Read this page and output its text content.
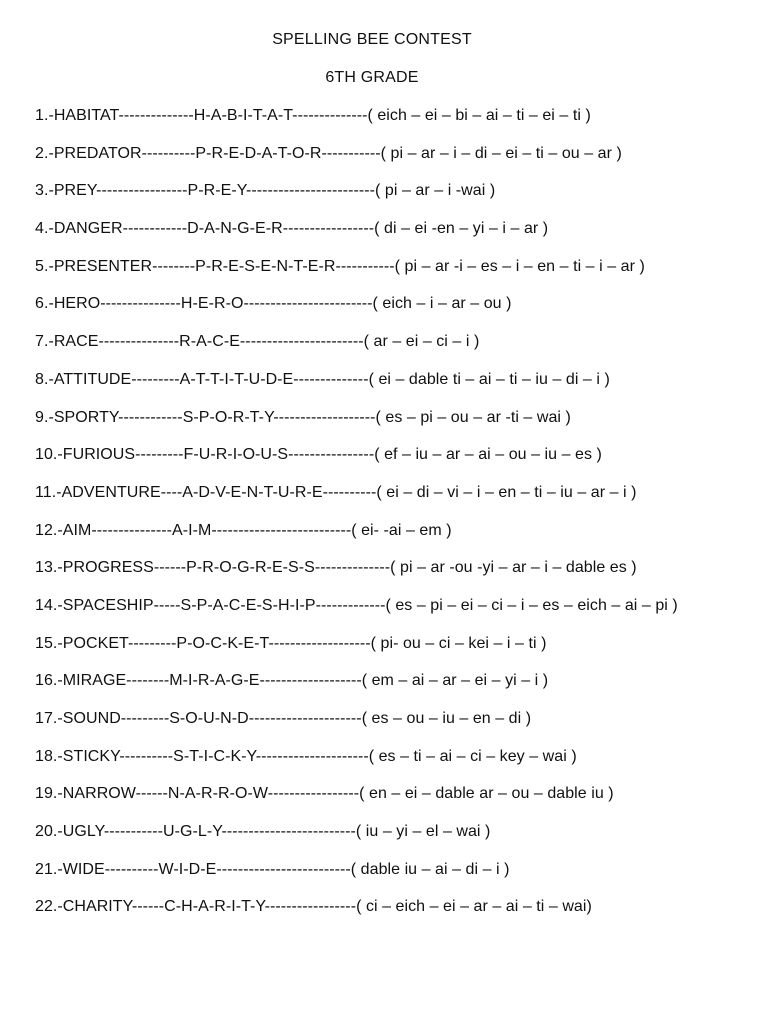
SPELLING BEE CONTEST
6TH GRADE
1.-HABITAT--------------H-A-B-I-T-A-T--------------( eich – ei – bi – ai – ti – ei – ti )
2.-PREDATOR----------P-R-E-D-A-T-O-R-----------( pi – ar – i – di – ei – ti – ou – ar )
3.-PREY-----------------P-R-E-Y------------------------( pi – ar – i -wai )
4.-DANGER------------D-A-N-G-E-R-----------------( di – ei -en – yi – i – ar )
5.-PRESENTER--------P-R-E-S-E-N-T-E-R-----------( pi – ar -i – es – i – en – ti – i – ar )
6.-HERO---------------H-E-R-O------------------------( eich – i – ar – ou )
7.-RACE---------------R-A-C-E-----------------------( ar – ei – ci – i )
8.-ATTITUDE---------A-T-T-I-T-U-D-E--------------( ei – dable ti – ai – ti – iu – di – i )
9.-SPORTY------------S-P-O-R-T-Y-------------------( es – pi – ou – ar -ti – wai )
10.-FURIOUS---------F-U-R-I-O-U-S----------------( ef – iu – ar – ai – ou – iu – es )
11.-ADVENTURE----A-D-V-E-N-T-U-R-E----------( ei – di – vi – i – en – ti – iu – ar – i )
12.-AIM---------------A-I-M--------------------------( ei- -ai – em )
13.-PROGRESS------P-R-O-G-R-E-S-S--------------( pi – ar -ou -yi – ar – i – dable es )
14.-SPACESHIP-----S-P-A-C-E-S-H-I-P-------------( es – pi – ei – ci – i – es – eich – ai – pi )
15.-POCKET---------P-O-C-K-E-T-------------------( pi- ou – ci – kei – i – ti )
16.-MIRAGE--------M-I-R-A-G-E-------------------( em – ai – ar – ei – yi – i )
17.-SOUND---------S-O-U-N-D---------------------( es – ou – iu – en – di )
18.-STICKY----------S-T-I-C-K-Y---------------------( es – ti – ai – ci – key – wai )
19.-NARROW------N-A-R-R-O-W-----------------( en – ei – dable ar – ou – dable iu )
20.-UGLY-----------U-G-L-Y-------------------------( iu – yi – el – wai )
21.-WIDE----------W-I-D-E-------------------------( dable iu – ai – di – i )
22.-CHARITY------C-H-A-R-I-T-Y-----------------( ci – eich – ei – ar – ai – ti – wai)
